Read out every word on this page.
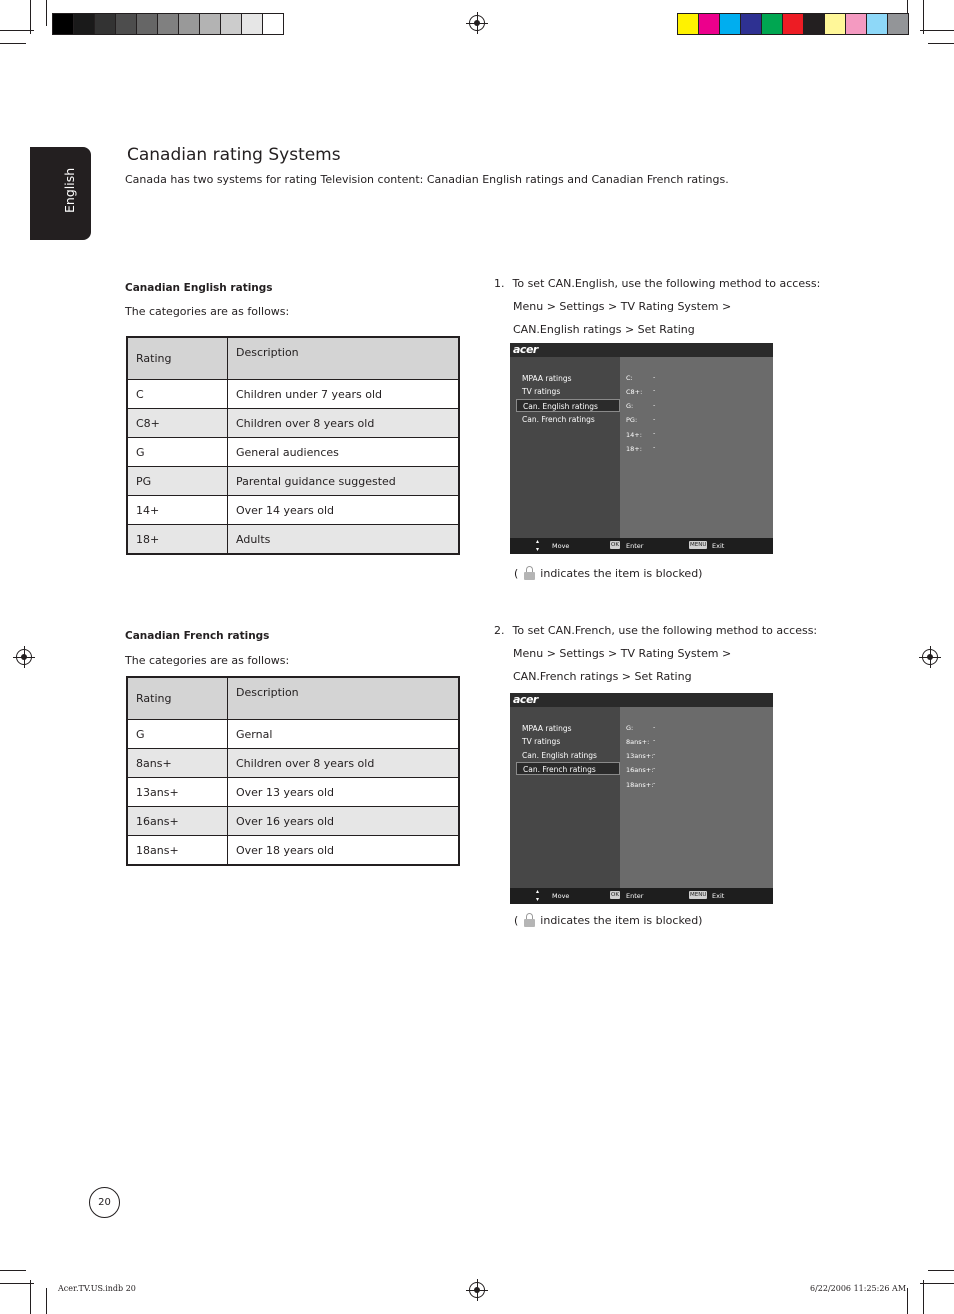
English
Canadian rating Systems
Canada has two systems for rating Television content: Canadian English ratings and Canadian French ratings.
Canadian English ratings
The categories are as follows:
Rating	Description
C	Children under 7 years old
C8+	Children over 8 years old
G	General audiences
PG	Parental guidance suggested
14+	Over 14 years old
18+	Adults
Canadian French ratings
The categories are as follows:
Rating	Description
G	Gernal
8ans+	Children over 8 years old
13ans+	Over 13 years old
16ans+	Over 16 years old
18ans+	Over 18 years old
1. To set CAN.English, use the following method to access:
Menu > Settings > TV Rating System >
CAN.English ratings > Set Rating
acer
MPAA ratings
TV ratings
Can. English ratings
Can. French ratings
C:	-
C8+: -
G:	-
PG: -
14+: -
18+: -
▴
▾ Move	OK Enter	MENU Exit
( indicates the item is blocked)
2. To set CAN.French, use the following method to access:
Menu > Settings > TV Rating System >
CAN.French ratings > Set Rating
acer
MPAA ratings
TV ratings
Can. English ratings
Can. French ratings
G:	-
8ans+: -
13ans+: -
16ans+: -
18ans+: -
▴
▾ Move	OK Enter	MENU Exit
( indicates the item is blocked)
20
Acer.TV.US.indb 20	6/22/2006 11:25:26 AM
